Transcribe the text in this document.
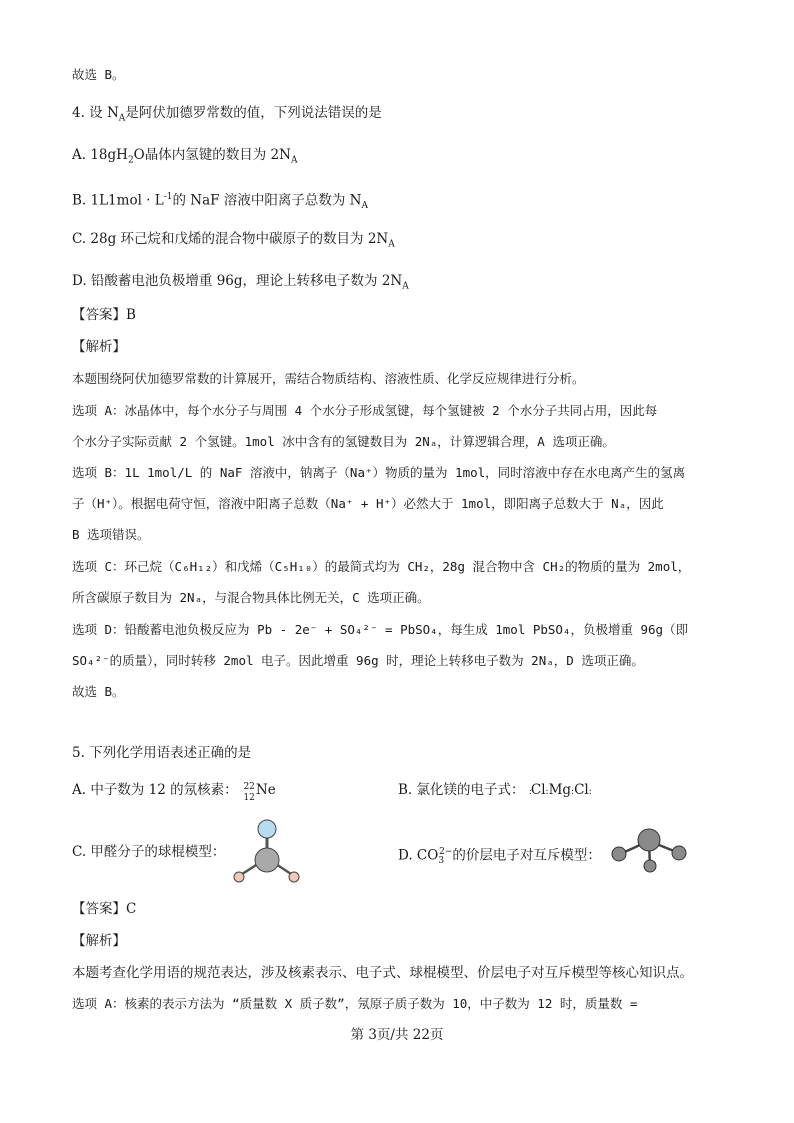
故选 B。
4. 设 $N_A$是阿伏加德罗常数的值，下列说法错误的是
A. $18gH_2O$晶体内氢键的数目为 $2N_A$
B. $1L1mol \cdot L^{-1}$的 NaF 溶液中阳离子总数为 $N_A$
C. 28g 环己烷和戊烯的混合物中碳原子的数目为 $2N_A$
D. 铅酸蓄电池负极增重 96g，理论上转移电子数为 $2N_A$
【答案】B
【解析】
本题围绕阿伏加德罗常数的计算展开，需结合物质结构、溶液性质、化学反应规律进行分析。
选项 A：冰晶体中，每个水分子与周围 4 个水分子形成氢键，每个氢键被 2 个水分子共同占用，因此每
个水分子实际贡献 2 个氢键。1mol 冰中含有的氢键数目为 2Nₐ，计算逻辑合理，A 选项正确。
选项 B：1L 1mol/L 的 NaF 溶液中，钠离子（Na⁺）物质的量为 1mol，同时溶液中存在水电离产生的氢离
子（H⁺）。根据电荷守恒，溶液中阳离子总数（Na⁺ + H⁺）必然大于 1mol，即阳离子总数大于 Nₐ，因此
B 选项错误。
选项 C：环己烷（C₆H₁₂）和戊烯（C₅H₁₀）的最简式均为 CH₂，28g 混合物中含 CH₂的物质的量为 2mol，
所含碳原子数目为 2Nₐ，与混合物具体比例无关，C 选项正确。
选项 D：铅酸蓄电池负极反应为 Pb - 2e⁻ + SO₄²⁻ = PbSO₄，每生成 1mol PbSO₄，负极增重 96g（即
SO₄²⁻的质量），同时转移 2mol 电子。因此增重 96g 时，理论上转移电子数为 2Nₐ，D 选项正确。
故选 B。
5. 下列化学用语表述正确的是
A. 中子数为 12 的氖核素： 22
12 Ne	B. 氯化镁的电子式： :Cl:Mg:Cl:
C. 甲醛分子的球棍模型：	D. $CO_3^{2-}$的价层电子对互斥模型：
【答案】C
【解析】
本题考查化学用语的规范表达，涉及核素表示、电子式、球棍模型、价层电子对互斥模型等核心知识点。
选项 A：核素的表示方法为 “质量数 X 质子数”，氖原子质子数为 10，中子数为 12 时，质量数 =
第 3页/共 22页
